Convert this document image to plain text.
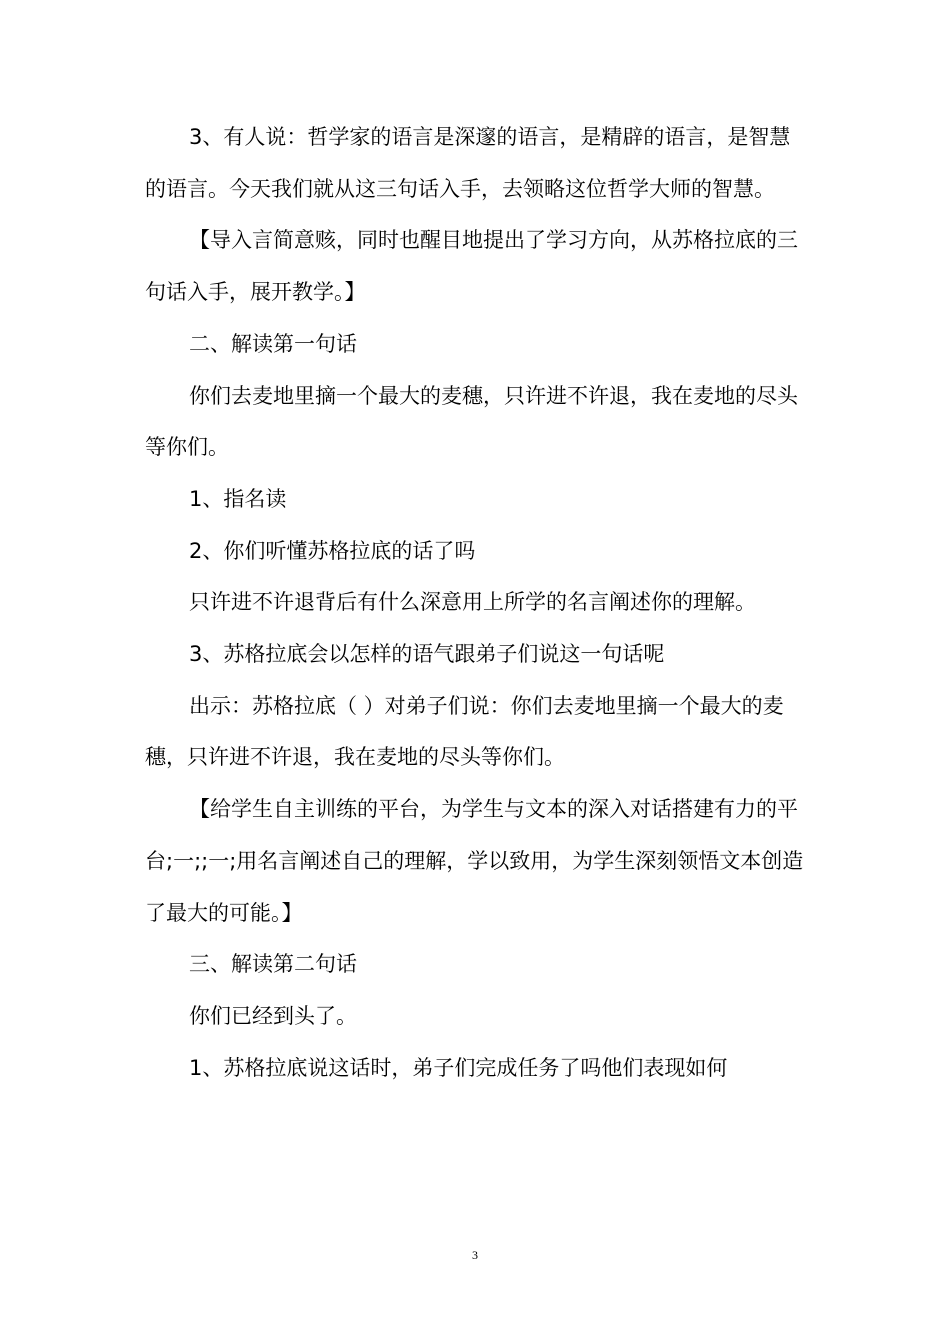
3、有人说：哲学家的语言是深邃的语言，是精辟的语言，是智慧的语言。今天我们就从这三句话入手，去领略这位哲学大师的智慧。

【导入言简意赅，同时也醒目地提出了学习方向，从苏格拉底的三句话入手，展开教学。】

二、解读第一句话

你们去麦地里摘一个最大的麦穗，只许进不许退，我在麦地的尽头等你们。

1、指名读

2、你们听懂苏格拉底的话了吗

只许进不许退背后有什么深意用上所学的名言阐述你的理解。

3、苏格拉底会以怎样的语气跟弟子们说这一句话呢

出示：苏格拉底（ ）对弟子们说：你们去麦地里摘一个最大的麦穗，只许进不许退，我在麦地的尽头等你们。

【给学生自主训练的平台，为学生与文本的深入对话搭建有力的平台;一;;一;用名言阐述自己的理解，学以致用，为学生深刻领悟文本创造了最大的可能。】

三、解读第二句话

你们已经到头了。

1、苏格拉底说这话时，弟子们完成任务了吗他们表现如何

3
